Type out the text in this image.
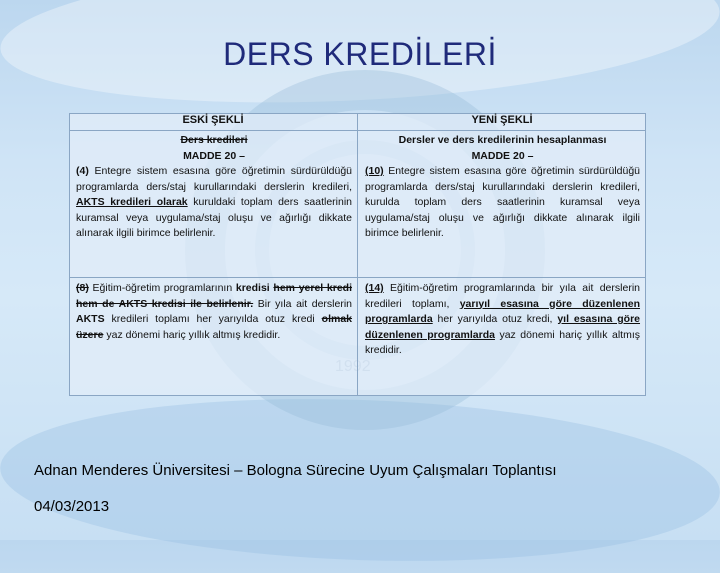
DERS KREDİLERİ
ESKİ ŞEKLİ	YENİ ŞEKLİ

Ders kredileri

MADDE 20 –

(4) Entegre sistem esasına göre öğretimin sürdürüldüğü programlarda ders/staj kurullarındaki derslerin kredileri, AKTS kredileri olarak kuruldaki toplam ders saatlerinin kuramsal veya uygulama/staj oluşu ve ağırlığı dikkate alınarak ilgili birimce belirlenir.

Dersler ve ders kredilerinin hesaplanması

MADDE 20 –

(10) Entegre sistem esasına göre öğretimin sürdürüldüğü programlarda ders/staj kurullarındaki derslerin kredileri, kurulda toplam ders saatlerinin kuramsal veya uygulama/staj oluşu ve ağırlığı dikkate alınarak ilgili birimce belirlenir.

(8) Eğitim-öğretim programlarının kredisi hem yerel kredi hem de AKTS kredisi ile belirlenir. Bir yıla ait derslerin AKTS kredileri toplamı her yarıyılda otuz kredi olmak üzere yaz dönemi hariç yıllık altmış kredidir.

(14) Eğitim-öğretim programlarında bir yıla ait derslerin kredileri toplamı, yarıyıl esasına göre düzenlenen programlarda her yarıyılda otuz kredi, yıl esasına göre düzenlenen programlarda yaz dönemi hariç yıllık altmış kredidir.

Adnan Menderes Üniversitesi – Bologna Sürecine Uyum Çalışmaları Toplantısı
04/03/2013
